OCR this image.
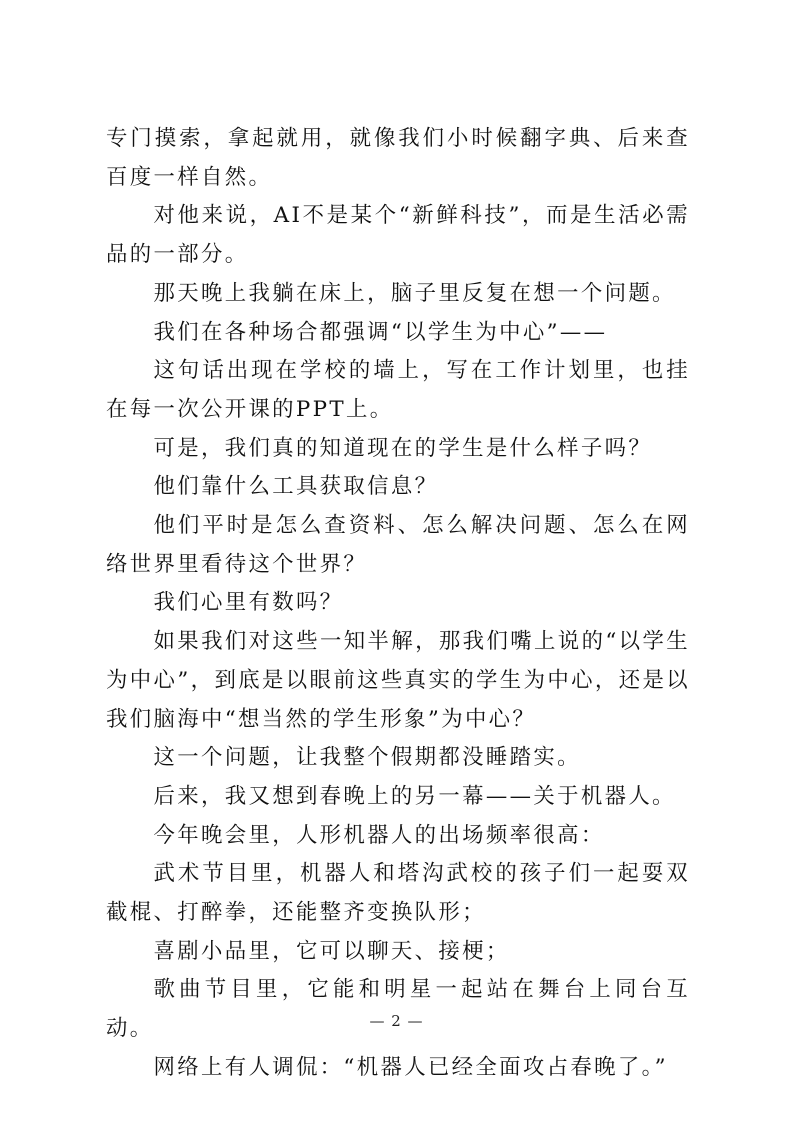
专门摸索，拿起就用，就像我们小时候翻字典、后来查百度一样自然。

对他来说，AI不是某个“新鲜科技”，而是生活必需品的一部分。

那天晚上我躺在床上，脑子里反复在想一个问题。

我们在各种场合都强调“以学生为中心”——

这句话出现在学校的墙上，写在工作计划里，也挂在每一次公开课的PPT上。

可是，我们真的知道现在的学生是什么样子吗？

他们靠什么工具获取信息？

他们平时是怎么查资料、怎么解决问题、怎么在网络世界里看待这个世界？

我们心里有数吗？

如果我们对这些一知半解，那我们嘴上说的“以学生为中心”，到底是以眼前这些真实的学生为中心，还是以我们脑海中“想当然的学生形象”为中心？

这一个问题，让我整个假期都没睡踏实。

后来，我又想到春晚上的另一幕——关于机器人。

今年晚会里，人形机器人的出场频率很高：

武术节目里，机器人和塔沟武校的孩子们一起耍双截棍、打醉拳，还能整齐变换队形；

喜剧小品里，它可以聊天、接梗；

歌曲节目里，它能和明星一起站在舞台上同台互动。

网络上有人调侃：“机器人已经全面攻占春晚了。”

— 2 —
